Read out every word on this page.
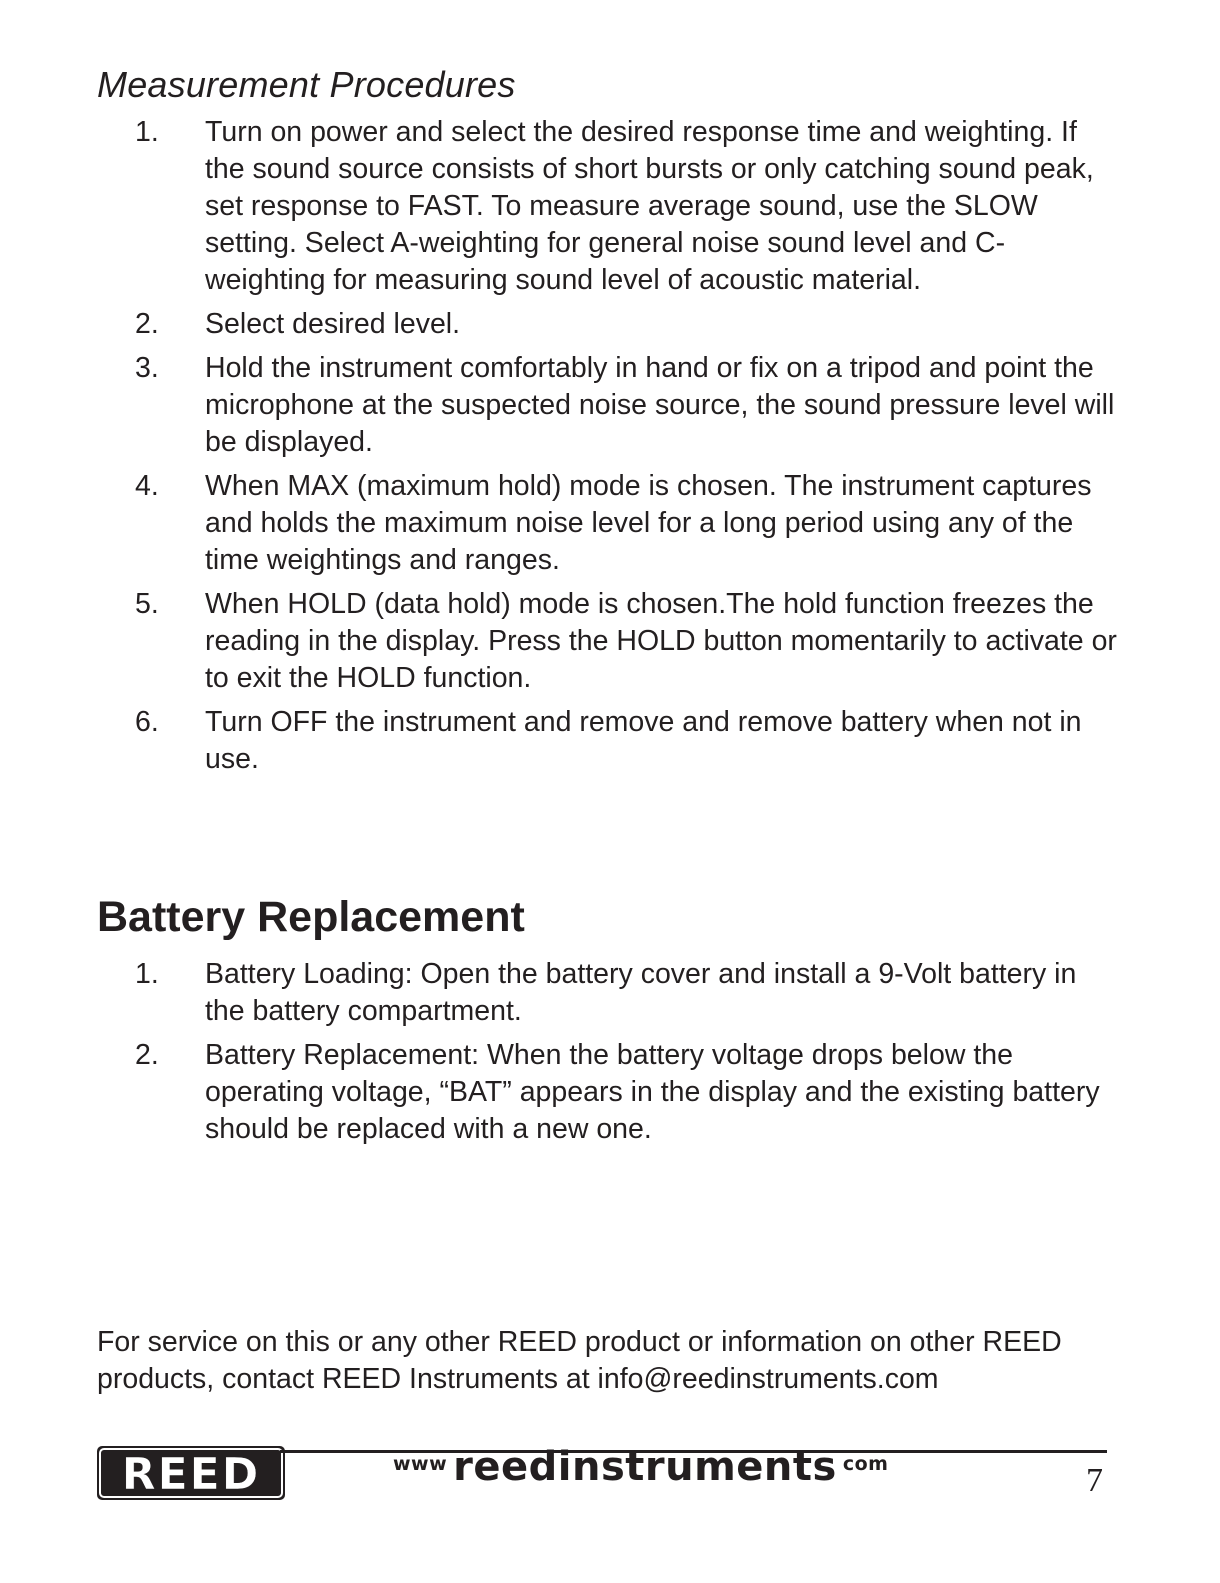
Measurement Procedures
1. Turn on power and select the desired response time and weighting. If the sound source consists of short bursts or only catching sound peak, set response to FAST. To measure average sound, use the SLOW setting. Select A-weighting for general noise sound level and C-weighting for measuring sound level of acoustic material.
2. Select desired level.
3. Hold the instrument comfortably in hand or fix on a tripod and point the microphone at the suspected noise source, the sound pressure level will be displayed.
4. When MAX (maximum hold) mode is chosen. The instrument captures and holds the maximum noise level for a long period using any of the time weightings and ranges.
5. When HOLD (data hold) mode is chosen.The hold function freezes the reading in the display. Press the HOLD button momentarily to activate or to exit the HOLD function.
6. Turn OFF the instrument and remove and remove battery when not in use.
Battery Replacement
1. Battery Loading: Open the battery cover and install a 9-Volt battery in the battery compartment.
2. Battery Replacement: When the battery voltage drops below the operating voltage, “BAT” appears in the display and the existing battery should be replaced with a new one.

For service on this or any other REED product or information on other REED products, contact REED Instruments at info@reedinstruments.com

REED	www reedinstruments com	7
